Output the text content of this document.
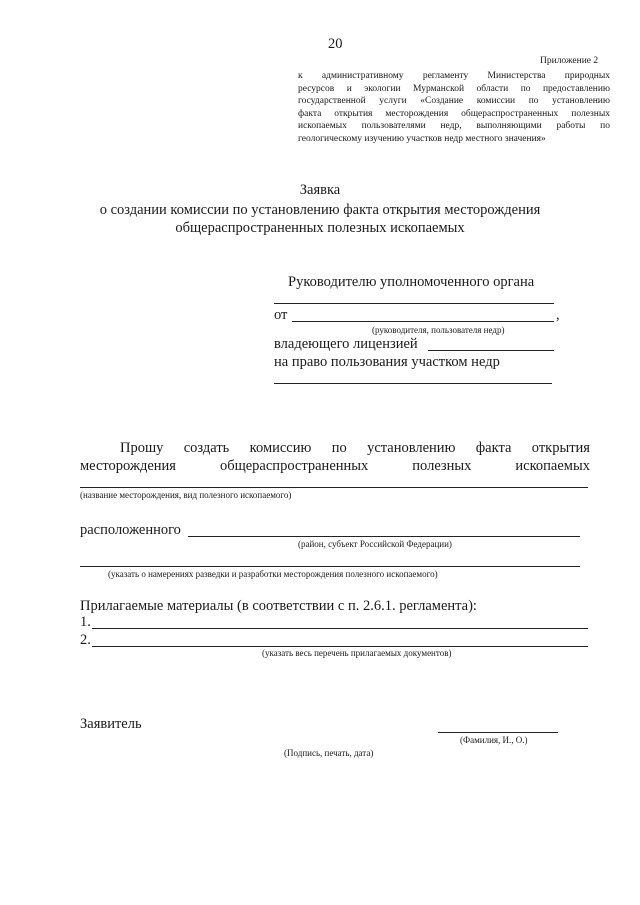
20
Приложение 2
к административному регламенту Министерства природных
ресурсов и экологии Мурманской области по предоставлению
государственной услуги «Создание комиссии по установлению
факта открытия месторождения общераспространенных полезных
ископаемых пользователями недр, выполняющими работы по
геологическому изучению участков недр местного значения»
Заявка
о создании комиссии по установлению факта открытия месторождения
общераспространенных полезных ископаемых
Руководителю уполномоченного органа
от	,
(руководителя, пользователя недр)
владеющего лицензией
на право пользования участком недр
Прошу создать комиссию по установлению факта открытия
месторождения	общераспространенных	полезных	ископаемых
(название месторождения, вид полезного ископаемого)
расположенного
(район, субъект Российской Федерации)
(указать о намерениях разведки и разработки месторождения полезного ископаемого)
Прилагаемые материалы (в соответствии с п. 2.6.1. регламента):
1.
2.
(указать весь перечень прилагаемых документов)
Заявитель
(Фамилия, И., О.)
(Подпись, печать, дата)
